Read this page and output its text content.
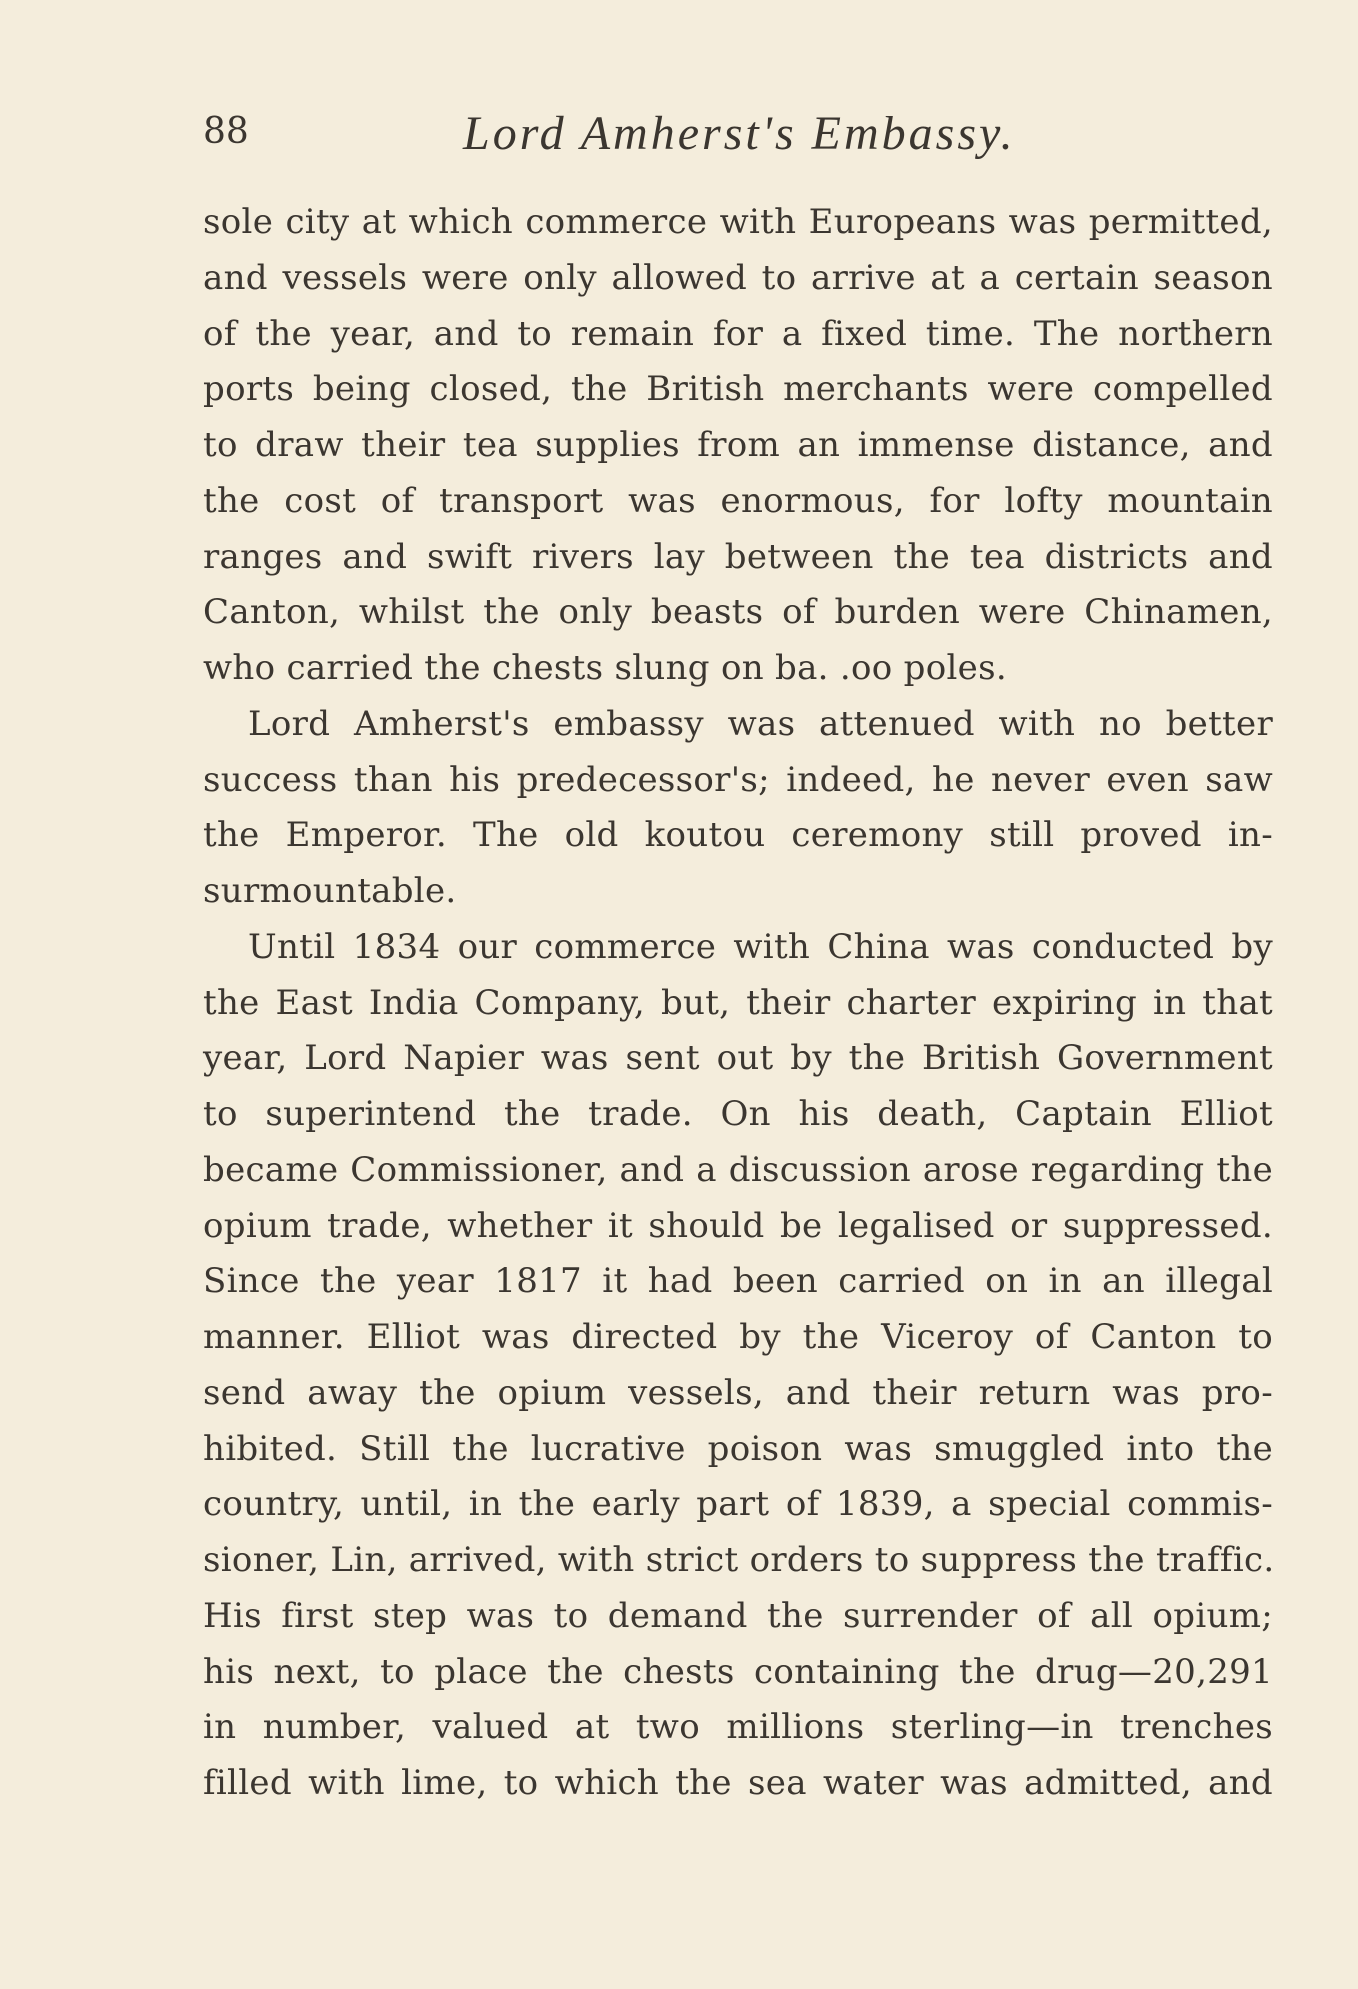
88	Lord Amherst's Embassy.
sole city at which commerce with Europeans was permitted,
and vessels were only allowed to arrive at a certain season
of the year, and to remain for a fixed time. The northern
ports being closed, the British merchants were compelled
to draw their tea supplies from an immense distance, and
the cost of transport was enormous, for lofty mountain
ranges and swift rivers lay between the tea districts and
Canton, whilst the only beasts of burden were Chinamen,
who carried the chests slung on ba. .oo poles.
Lord Amherst's embassy was attenued with no better
success than his predecessor's; indeed, he never even saw
the Emperor. The old koutou ceremony still proved in-
surmountable.
Until 1834 our commerce with China was conducted by
the East India Company, but, their charter expiring in that
year, Lord Napier was sent out by the British Government
to superintend the trade. On his death, Captain Elliot
became Commissioner, and a discussion arose regarding the
opium trade, whether it should be legalised or suppressed.
Since the year 1817 it had been carried on in an illegal
manner. Elliot was directed by the Viceroy of Canton to
send away the opium vessels, and their return was pro-
hibited. Still the lucrative poison was smuggled into the
country, until, in the early part of 1839, a special commis-
sioner, Lin, arrived, with strict orders to suppress the traffic.
His first step was to demand the surrender of all opium;
his next, to place the chests containing the drug—20,291
in number, valued at two millions sterling—in trenches
filled with lime, to which the sea water was admitted, and
